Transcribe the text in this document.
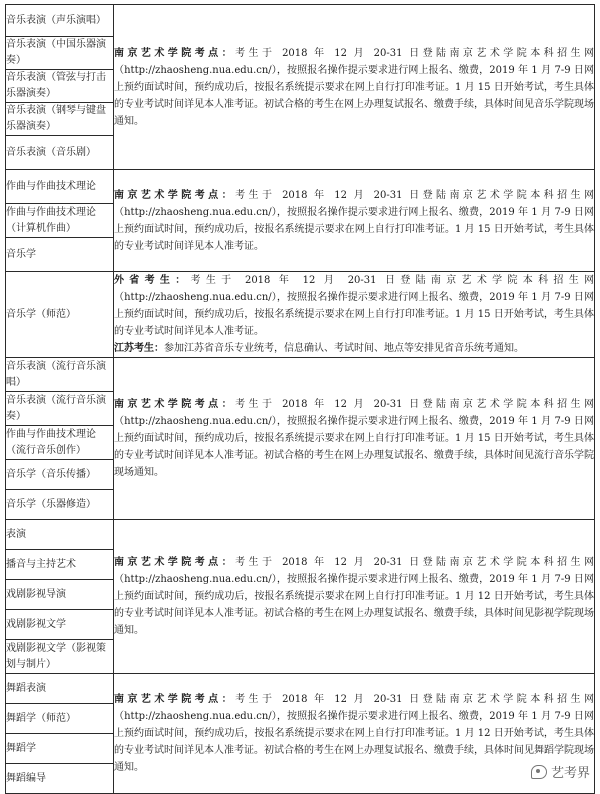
音乐表演（声乐演唱）	南京艺术学院考点：考生于 2018 年 12 月 20-31 日登陆南京艺术学院本科招生网（http://zhaosheng.nua.edu.cn/），按照报名操作提示要求进行网上报名、缴费，2019 年 1 月 7-9 日网上预约面试时间，预约成功后，按报名系统提示要求在网上自行打印准考证。1 月 15 日开始考试，考生具体的专业考试时间详见本人准考证。初试合格的考生在网上办理复试报名、缴费手续，具体时间见音乐学院现场通知。
音乐表演（中国乐器演奏）	
音乐表演（管弦与打击乐器演奏）	
音乐表演（钢琴与键盘乐器演奏）	
音乐表演（音乐剧）	
作曲与作曲技术理论	南京艺术学院考点：考生于 2018 年 12 月 20-31 日登陆南京艺术学院本科招生网（http://zhaosheng.nua.edu.cn/），按照报名操作提示要求进行网上报名、缴费，2019 年 1 月 7-9 日网上预约面试时间，预约成功后，按报名系统提示要求在网上自行打印准考证。1 月 15 日开始考试，考生具体的专业考试时间详见本人准考证。
作曲与作曲技术理论（计算机作曲）	
音乐学	
音乐学（师范）	外省考生：考生于 2018 年 12 月 20-31 日登陆南京艺术学院本科招生网（http://zhaosheng.nua.edu.cn/），按照报名操作提示要求进行网上报名、缴费，2019 年 1 月 7-9 日网上预约面试时间，预约成功后，按报名系统提示要求在网上自行打印准考证。1 月 15 日开始考试，考生具体的专业考试时间详见本人准考证。
江苏考生：参加江苏省音乐专业统考，信息确认、考试时间、地点等安排见省音乐统考通知。

音乐表演（流行音乐演唱）	南京艺术学院考点：考生于 2018 年 12 月 20-31 日登陆南京艺术学院本科招生网（http://zhaosheng.nua.edu.cn/），按照报名操作提示要求进行网上报名、缴费，2019 年 1 月 7-9 日网上预约面试时间，预约成功后，按报名系统提示要求在网上自行打印准考证。1 月 15 日开始考试，考生具体的专业考试时间详见本人准考证。初试合格的考生在网上办理复试报名、缴费手续，具体时间见流行音乐学院现场通知。
音乐表演（流行音乐演奏）	
作曲与作曲技术理论（流行音乐创作）	
音乐学（音乐传播）	
音乐学（乐器修造）	
表演	南京艺术学院考点：考生于 2018 年 12 月 20-31 日登陆南京艺术学院本科招生网（http://zhaosheng.nua.edu.cn/），按照报名操作提示要求进行网上报名、缴费，2019 年 1 月 7-9 日网上预约面试时间，预约成功后，按报名系统提示要求在网上自行打印准考证。1 月 12 日开始考试，考生具体的专业考试时间详见本人准考证。初试合格的考生在网上办理复试报名、缴费手续，具体时间见影视学院现场通知。
播音与主持艺术	
戏剧影视导演	
戏剧影视文学	
戏剧影视文学（影视策划与制片）	
舞蹈表演	南京艺术学院考点：考生于 2018 年 12 月 20-31 日登陆南京艺术学院本科招生网（http://zhaosheng.nua.edu.cn/），按照报名操作提示要求进行网上报名、缴费，2019 年 1 月 7-9 日网上预约面试时间，预约成功后，按报名系统提示要求在网上自行打印准考证。1 月 12 日开始考试，考生具体的专业考试时间详见本人准考证。初试合格的考生在网上办理复试报名、缴费手续，具体时间见舞蹈学院现场通知。
舞蹈学（师范）	
舞蹈学	
舞蹈编导		艺考界
